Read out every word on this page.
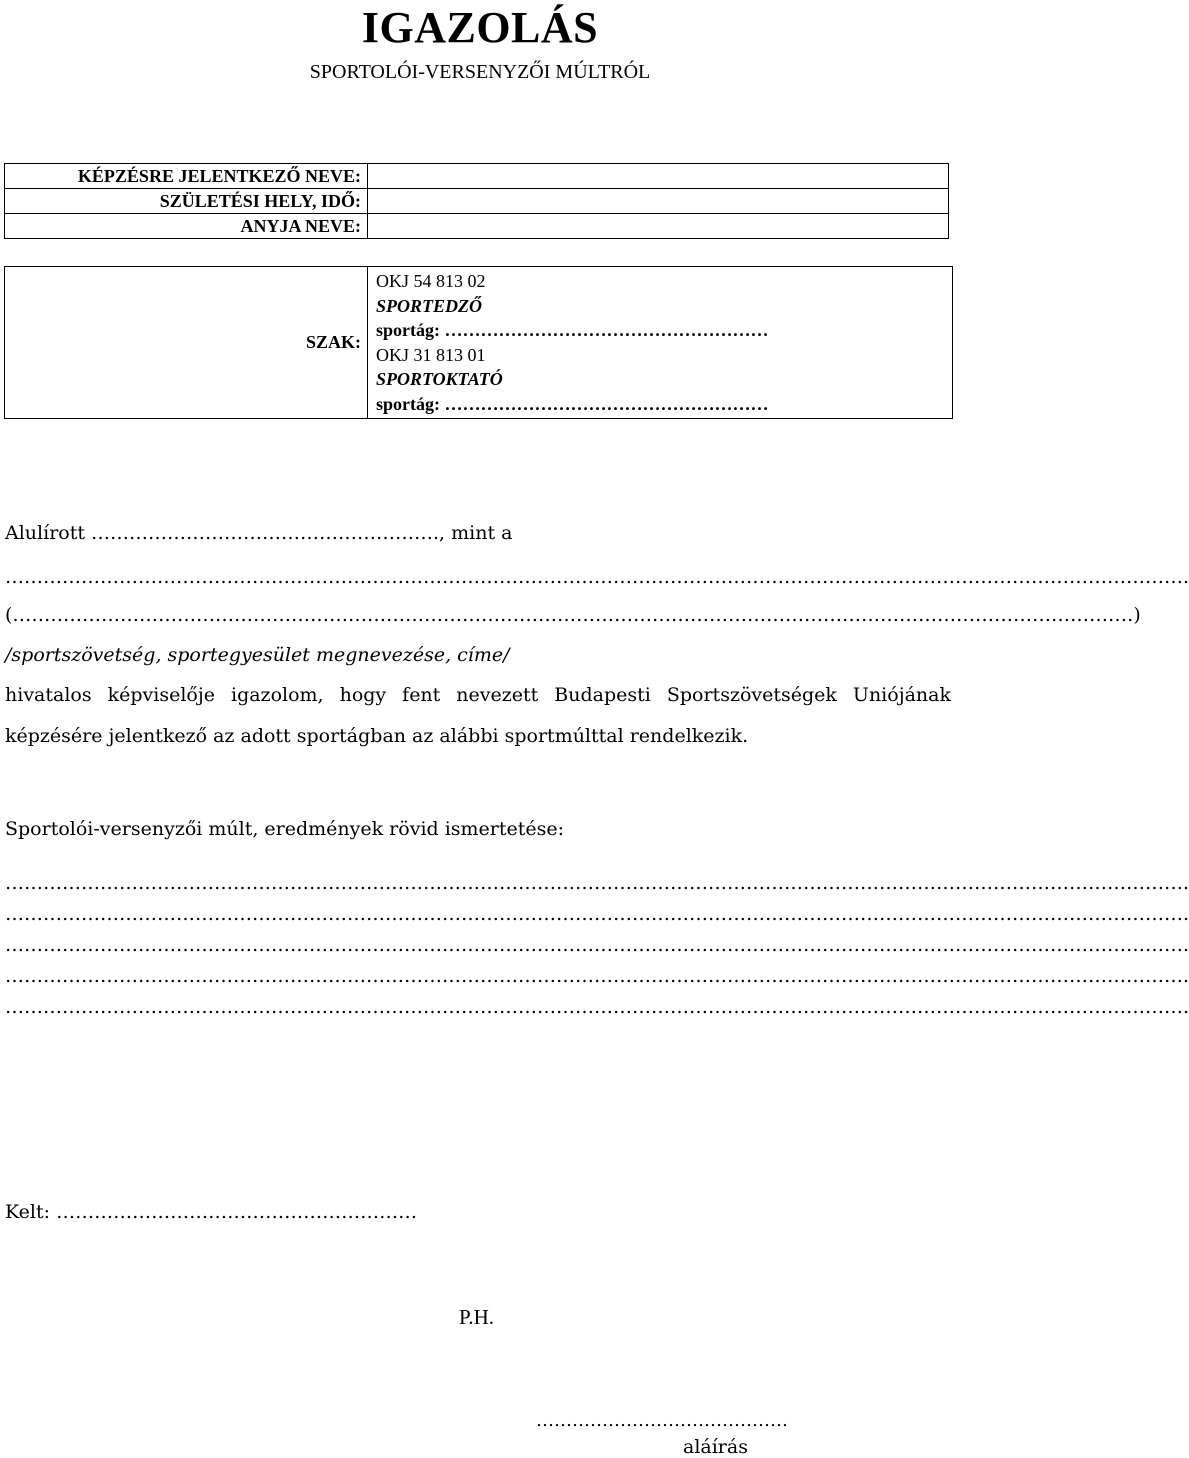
IGAZOLÁS
SPORTOLÓI-VERSENYZŐI MÚLTRÓL
KÉPZÉSRE JELENTKEZŐ NEVE:	
SZÜLETÉSI HELY, IDŐ:	
ANYJA NEVE:	
SZAK:	
OKJ 54 813 02
SPORTEDZŐ
sportág: ………………………………………………
OKJ 31 813 01
SPORTOKTATÓ
sportág: ………………………………………………
Alulírott ………………………………………………., mint a
…………………………………………………………………………………………………………………………………………………………………….
(……………………………………………………………………………………………………………………………………………………………)
/sportszövetség, sportegyesület megnevezése, címe/
hivatalos képviselője igazolom, hogy fent nevezett Budapesti Sportszövetségek Uniójának
képzésére jelentkező az adott sportágban az alábbi sportmúlttal rendelkezik.
Sportolói-versenyzői múlt, eredmények rövid ismertetése:
…………………………………………………………………………………………………………………………………………………………………….
…………………………………………………………………………………………………………………………………………………………………….
…………………………………………………………………………………………………………………………………………………………………….
…………………………………………………………………………………………………………………………………………………………………….
…………………………………………………………………………………………………………………………………………………………………….
Kelt: …………………………………………………
P.H.
……………………………………
aláírás
